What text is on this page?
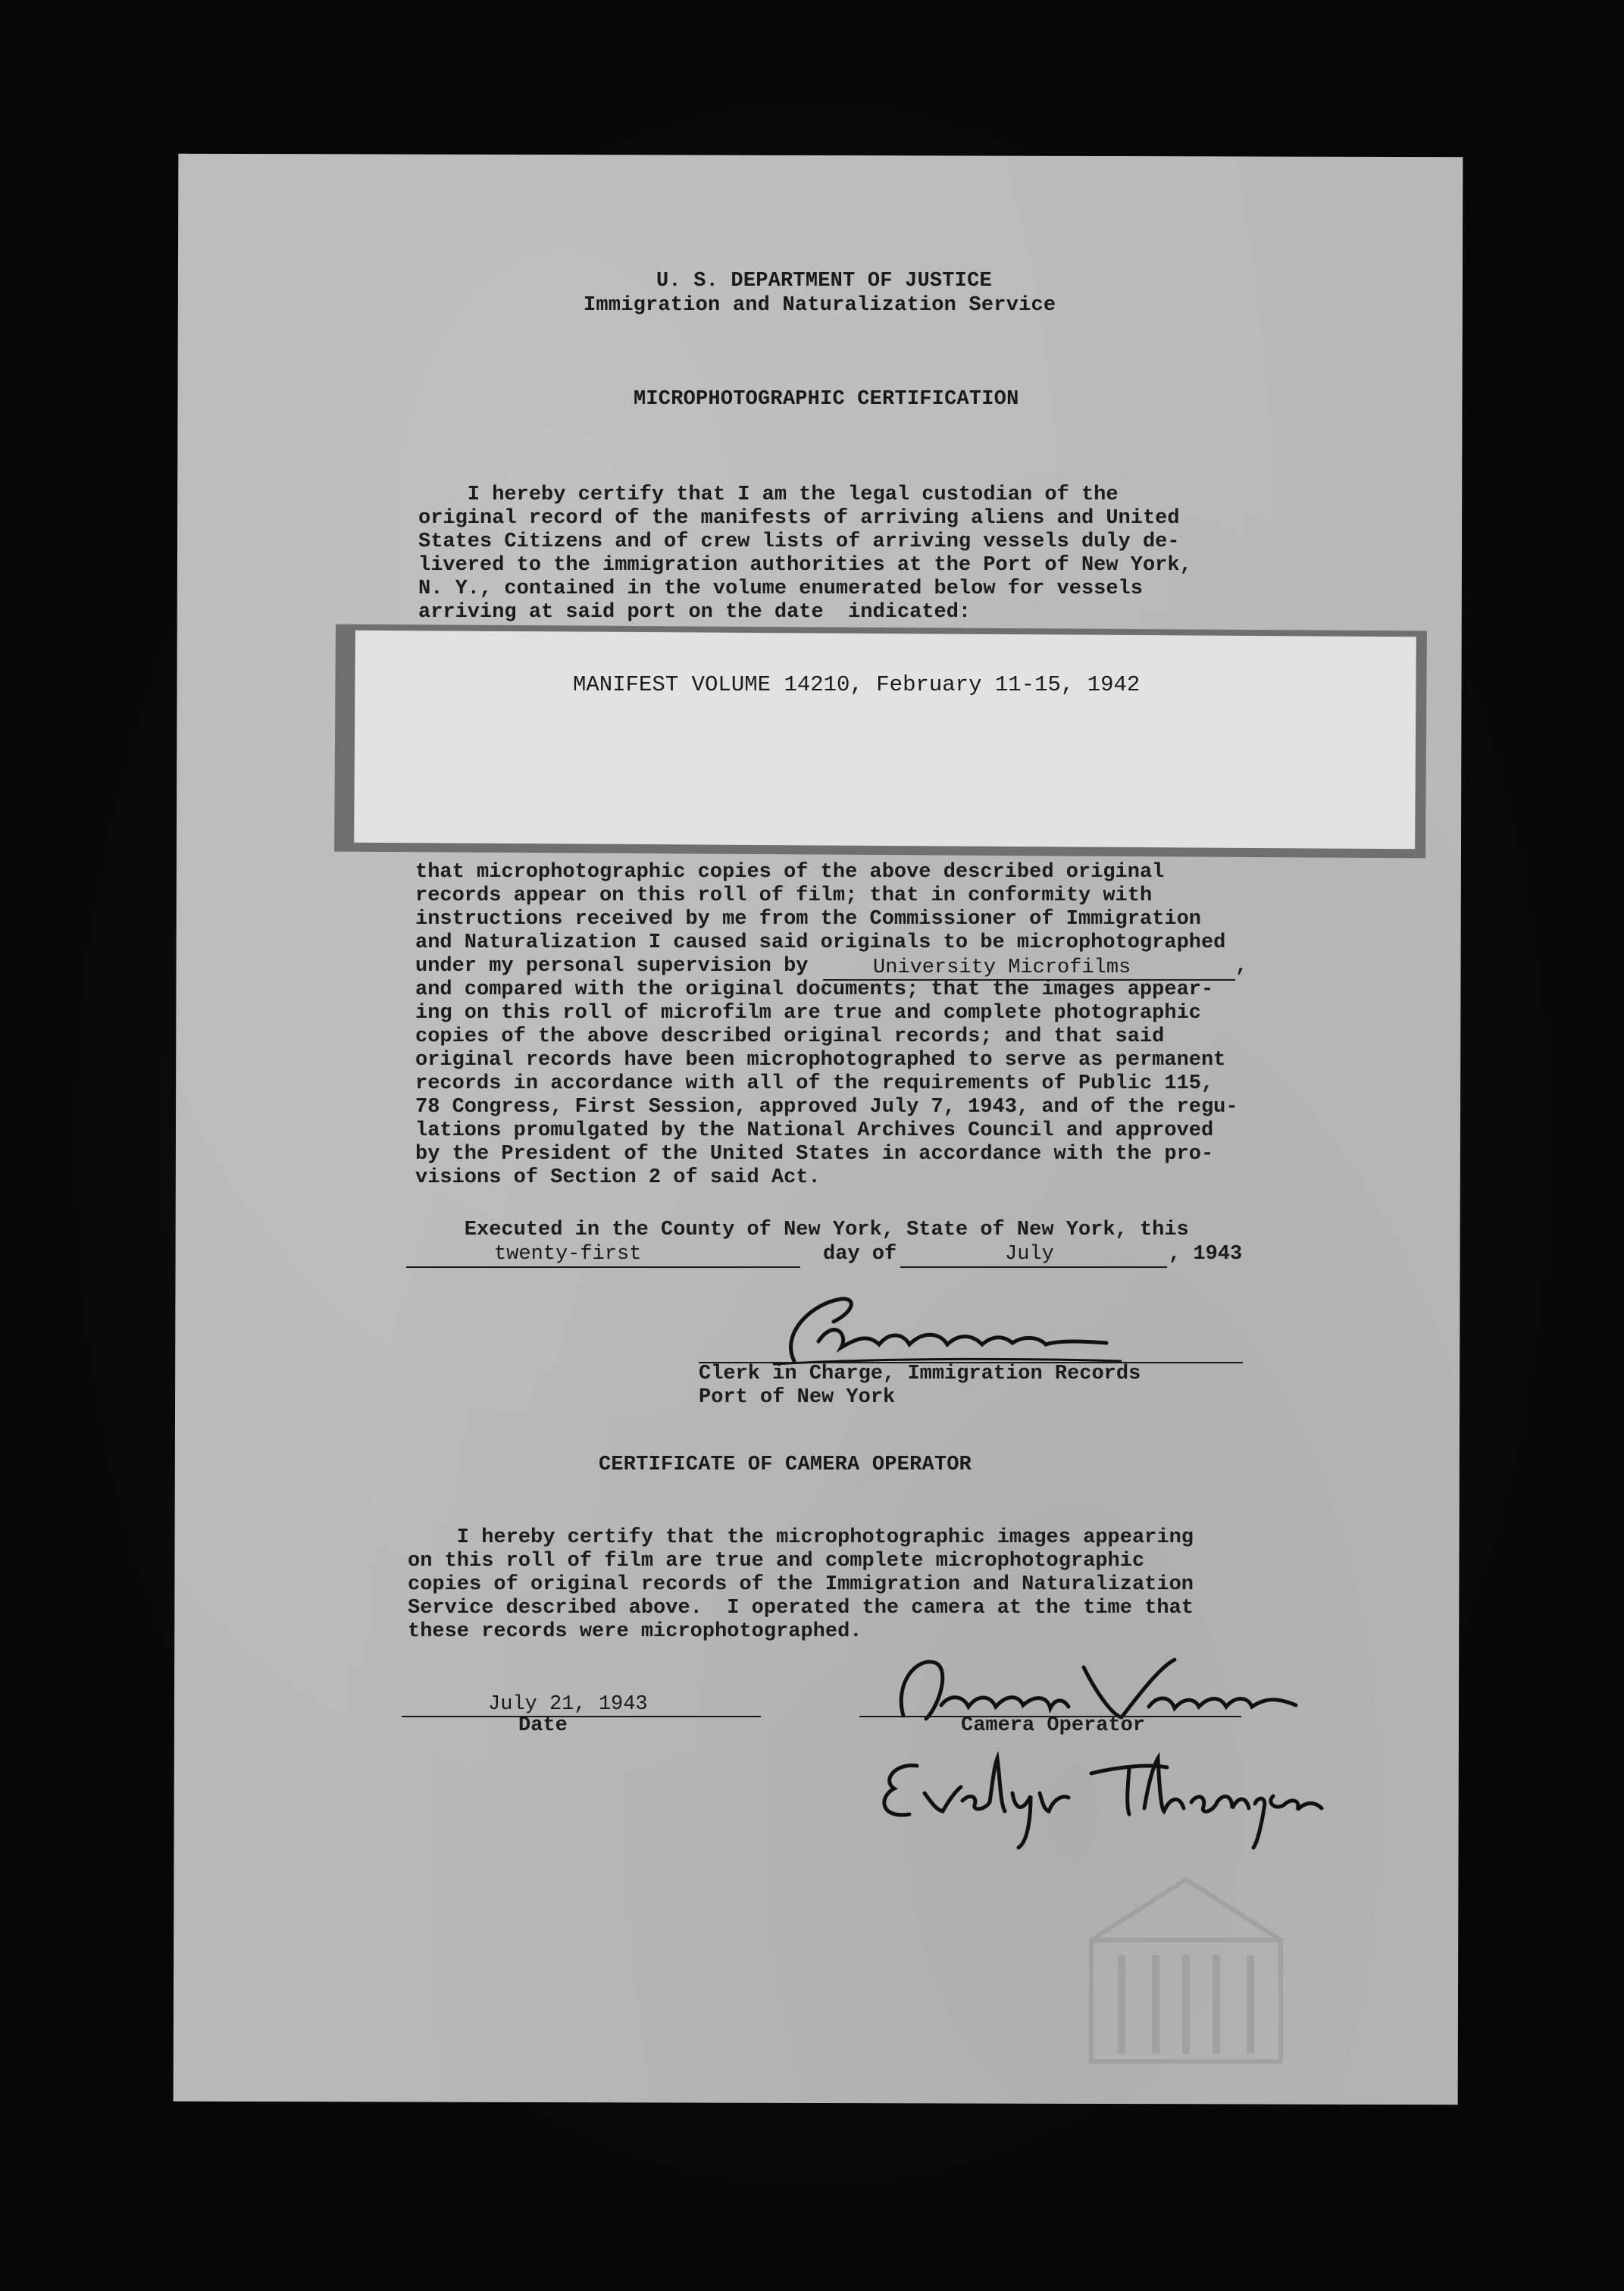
U. S. DEPARTMENT OF JUSTICE
Immigration and Naturalization Service
MICROPHOTOGRAPHIC CERTIFICATION
I hereby certify that I am the legal custodian of the
original record of the manifests of arriving aliens and United
States Citizens and of crew lists of arriving vessels duly de-
livered to the immigration authorities at the Port of New York,
N. Y., contained in the volume enumerated below for vessels
arriving at said port on the date  indicated:
MANIFEST VOLUME 14210, February 11-15, 1942
that microphotographic copies of the above described original
records appear on this roll of film; that in conformity with
instructions received by me from the Commissioner of Immigration
and Naturalization I caused said originals to be microphotographed
under my personal supervision by	University Microfilms	,
and compared with the original documents; that the images appear-
ing on this roll of microfilm are true and complete photographic
copies of the above described original records; and that said
original records have been microphotographed to serve as permanent
records in accordance with all of the requirements of Public 115,
78 Congress, First Session, approved July 7, 1943, and of the regu-
lations promulgated by the National Archives Council and approved
by the President of the United States in accordance with the pro-
visions of Section 2 of said Act.
Executed in the County of New York, State of New York, this
twenty-first	day of	July	, 1943
Clerk in Charge, Immigration Records
Port of New York
CERTIFICATE OF CAMERA OPERATOR
I hereby certify that the microphotographic images appearing
on this roll of film are true and complete microphotographic
copies of original records of the Immigration and Naturalization
Service described above.  I operated the camera at the time that
these records were microphotographed.
July 21, 1943
Date	Camera Operator
